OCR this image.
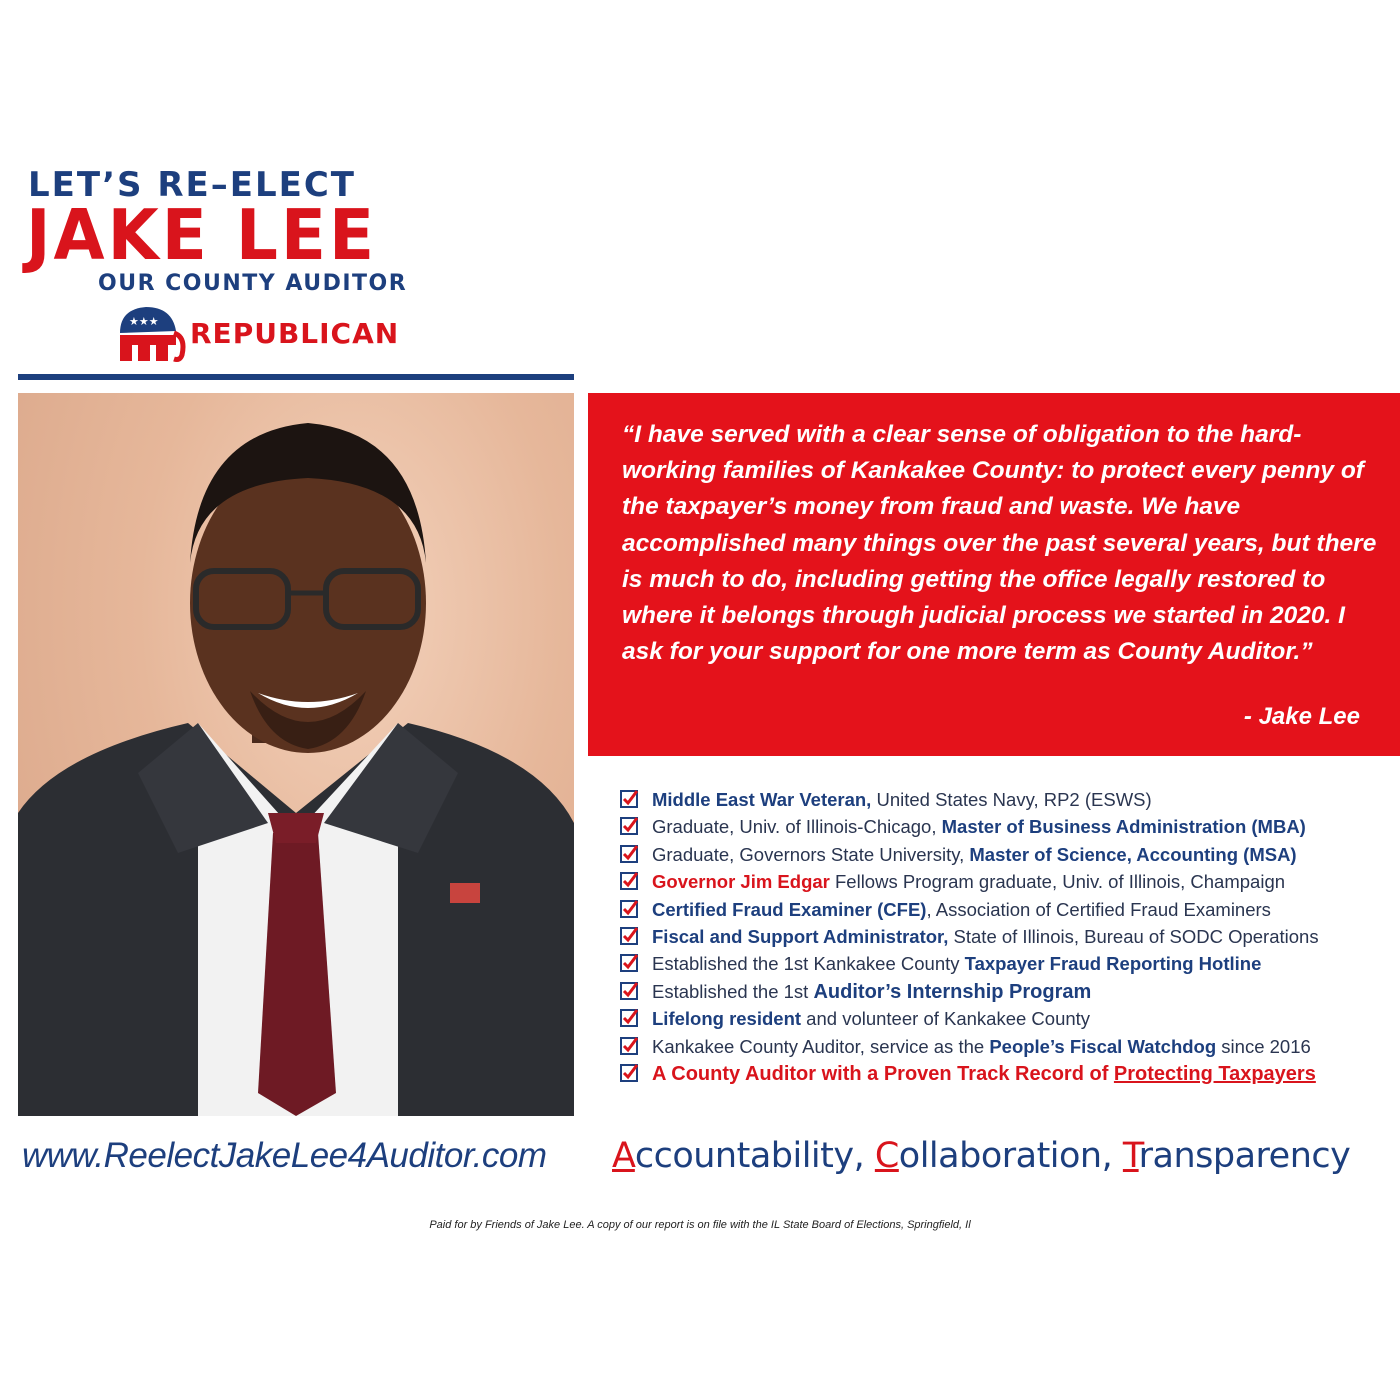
LET’S RE–ELECT
JAKE LEE
OUR COUNTY AUDITOR
★★★ REPUBLICAN
“I have served with a clear sense of obligation to the hard-working families of Kankakee County: to protect every penny of the taxpayer’s money from fraud and waste. We have accomplished many things over the past several years, but there is much to do, including getting the office legally restored to where it belongs through judicial process we started in 2020. I ask for your support for one more term as County Auditor.”
- Jake Lee
Middle East War Veteran, United States Navy, RP2 (ESWS)
Graduate, Univ. of Illinois-Chicago, Master of Business Administration (MBA)
Graduate, Governors State University, Master of Science, Accounting (MSA)
Governor Jim Edgar Fellows Program graduate, Univ. of Illinois, Champaign
Certified Fraud Examiner (CFE), Association of Certified Fraud Examiners
Fiscal and Support Administrator, State of Illinois, Bureau of SODC Operations
Established the 1st Kankakee County Taxpayer Fraud Reporting Hotline
Established the 1st Auditor’s Internship Program
Lifelong resident and volunteer of Kankakee County
Kankakee County Auditor, service as the People’s Fiscal Watchdog since 2016
A County Auditor with a Proven Track Record of Protecting Taxpayers
www.ReelectJakeLee4Auditor.com Accountability, Collaboration, Transparency
Paid for by Friends of Jake Lee. A copy of our report is on file with the IL State Board of Elections, Springfield, Il
